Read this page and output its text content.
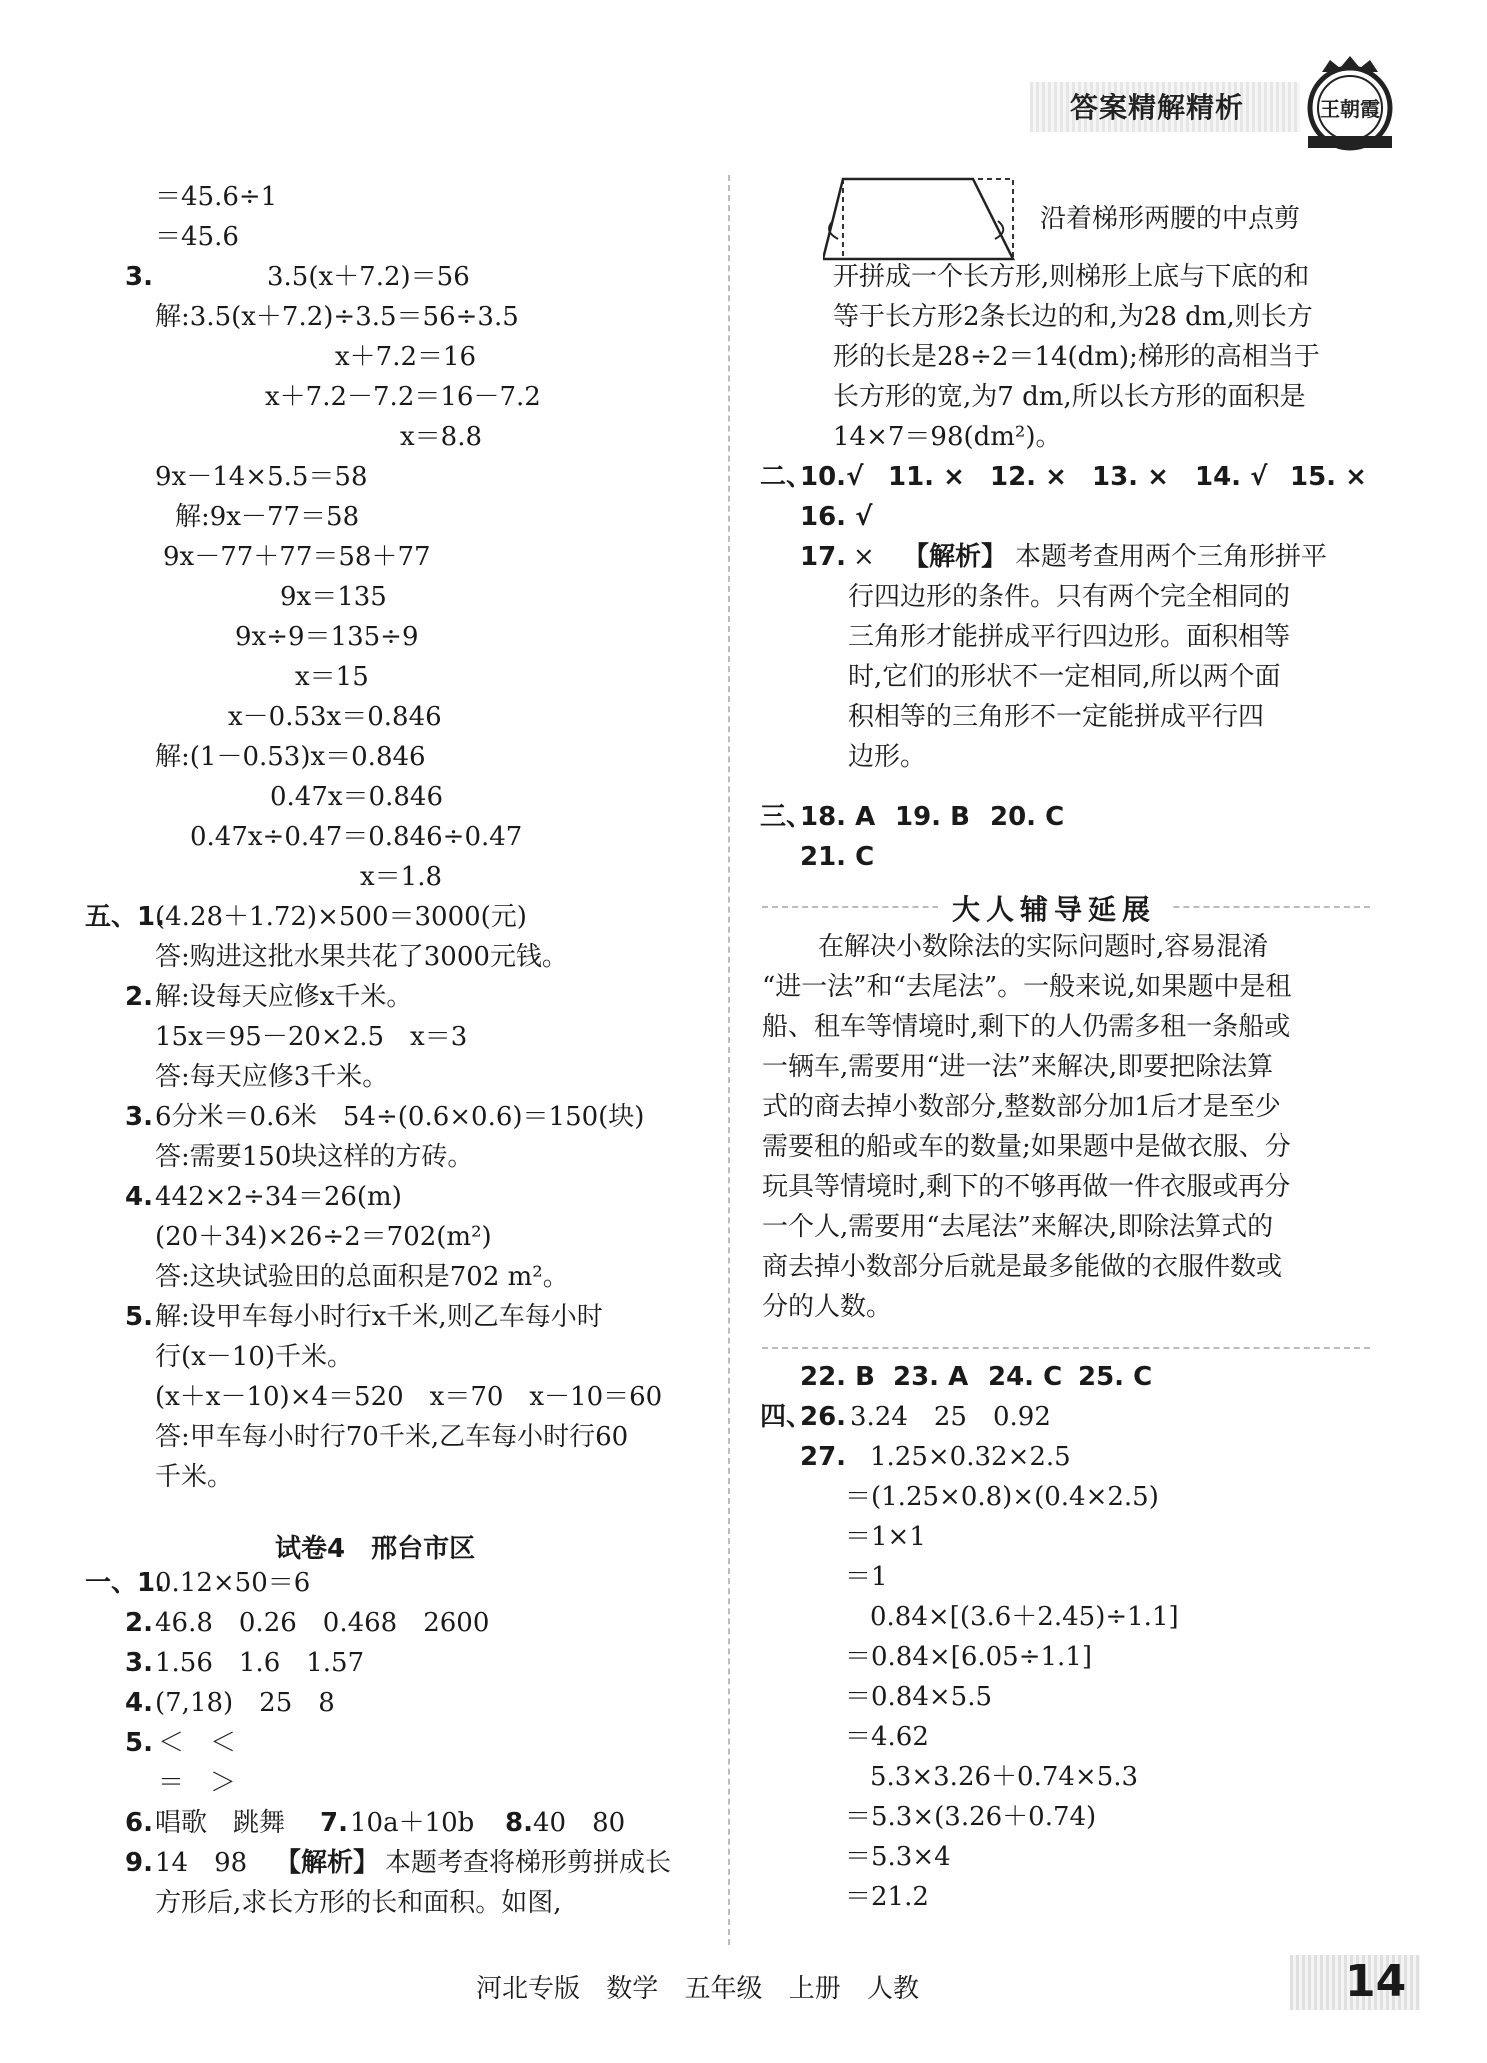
答案精解精析	王朝霞
＝45.6÷1
＝45.6
3.	3.5(x＋7.2)＝56
解:3.5(x＋7.2)÷3.5＝56÷3.5
x＋7.2＝16
x＋7.2－7.2＝16－7.2
x＝8.8
9x－14×5.5＝58
解:9x－77＝58
9x－77＋77＝58＋77
9x＝135
9x÷9＝135÷9
x＝15
x－0.53x＝0.846
解:(1－0.53)x＝0.846
0.47x＝0.846
0.47x÷0.47＝0.846÷0.47
x＝1.8
五、1.
(4.28＋1.72)×500＝3000(元)
答:购进这批水果共花了3000元钱。
2. 解:设每天应修x千米。
15x＝95－20×2.5　x＝3
答:每天应修3千米。
3. 6分米＝0.6米　54÷(0.6×0.6)＝150(块)
答:需要150块这样的方砖。
4. 442×2÷34＝26(m)
(20＋34)×26÷2＝702(m²)
答:这块试验田的总面积是702 m²。
5. 解:设甲车每小时行x千米,则乙车每小时
行(x－10)千米。
(x＋x－10)×4＝520　x＝70　x－10＝60
答:甲车每小时行70千米,乙车每小时行60
千米。
试卷4　邢台市区
一、1.
0.12×50＝6
2. 46.8　0.26　0.468　2600
3. 1.56　1.6　1.57
4. (7,18)　25　8
5. ＜　＜
＝　＞
6. 唱歌　跳舞 7. 10a＋10b 8. 40　80
9. 14　98 【解析】 本题考查将梯形剪拼成长
方形后,求长方形的长和面积。如图,
沿着梯形两腰的中点剪
开拼成一个长方形,则梯形上底与下底的和
等于长方形2条长边的和,为28 dm,则长方
形的长是28÷2＝14(dm);梯形的高相当于
长方形的宽,为7 dm,所以长方形的面积是
14×7＝98(dm²)。
二、
10.√ 11. × 12. × 13. × 14. √ 15. ×
16. √
17. × 【解析】 本题考查用两个三角形拼平
行四边形的条件。只有两个完全相同的
三角形才能拼成平行四边形。面积相等
时,它们的形状不一定相同,所以两个面
积相等的三角形不一定能拼成平行四
边形。
三、
18. A 19. B 20. C
21. C
大人辅导延展
在解决小数除法的实际问题时,容易混淆
“进一法”和“去尾法”。一般来说,如果题中是租
船、租车等情境时,剩下的人仍需多租一条船或
一辆车,需要用“进一法”来解决,即要把除法算
式的商去掉小数部分,整数部分加1后才是至少
需要租的船或车的数量;如果题中是做衣服、分
玩具等情境时,剩下的不够再做一件衣服或再分
一个人,需要用“去尾法”来解决,即除法算式的
商去掉小数部分后就是最多能做的衣服件数或
分的人数。
22. B 23. A 24. C 25. C
四、
26. 3.24　25　0.92
27. 1.25×0.32×2.5
＝(1.25×0.8)×(0.4×2.5)
＝1×1
＝1
0.84×[(3.6＋2.45)÷1.1]
＝0.84×[6.05÷1.1]
＝0.84×5.5
＝4.62
5.3×3.26＋0.74×5.3
＝5.3×(3.26＋0.74)
＝5.3×4
＝21.2
河北专版 数学 五年级 上册 人教	14
